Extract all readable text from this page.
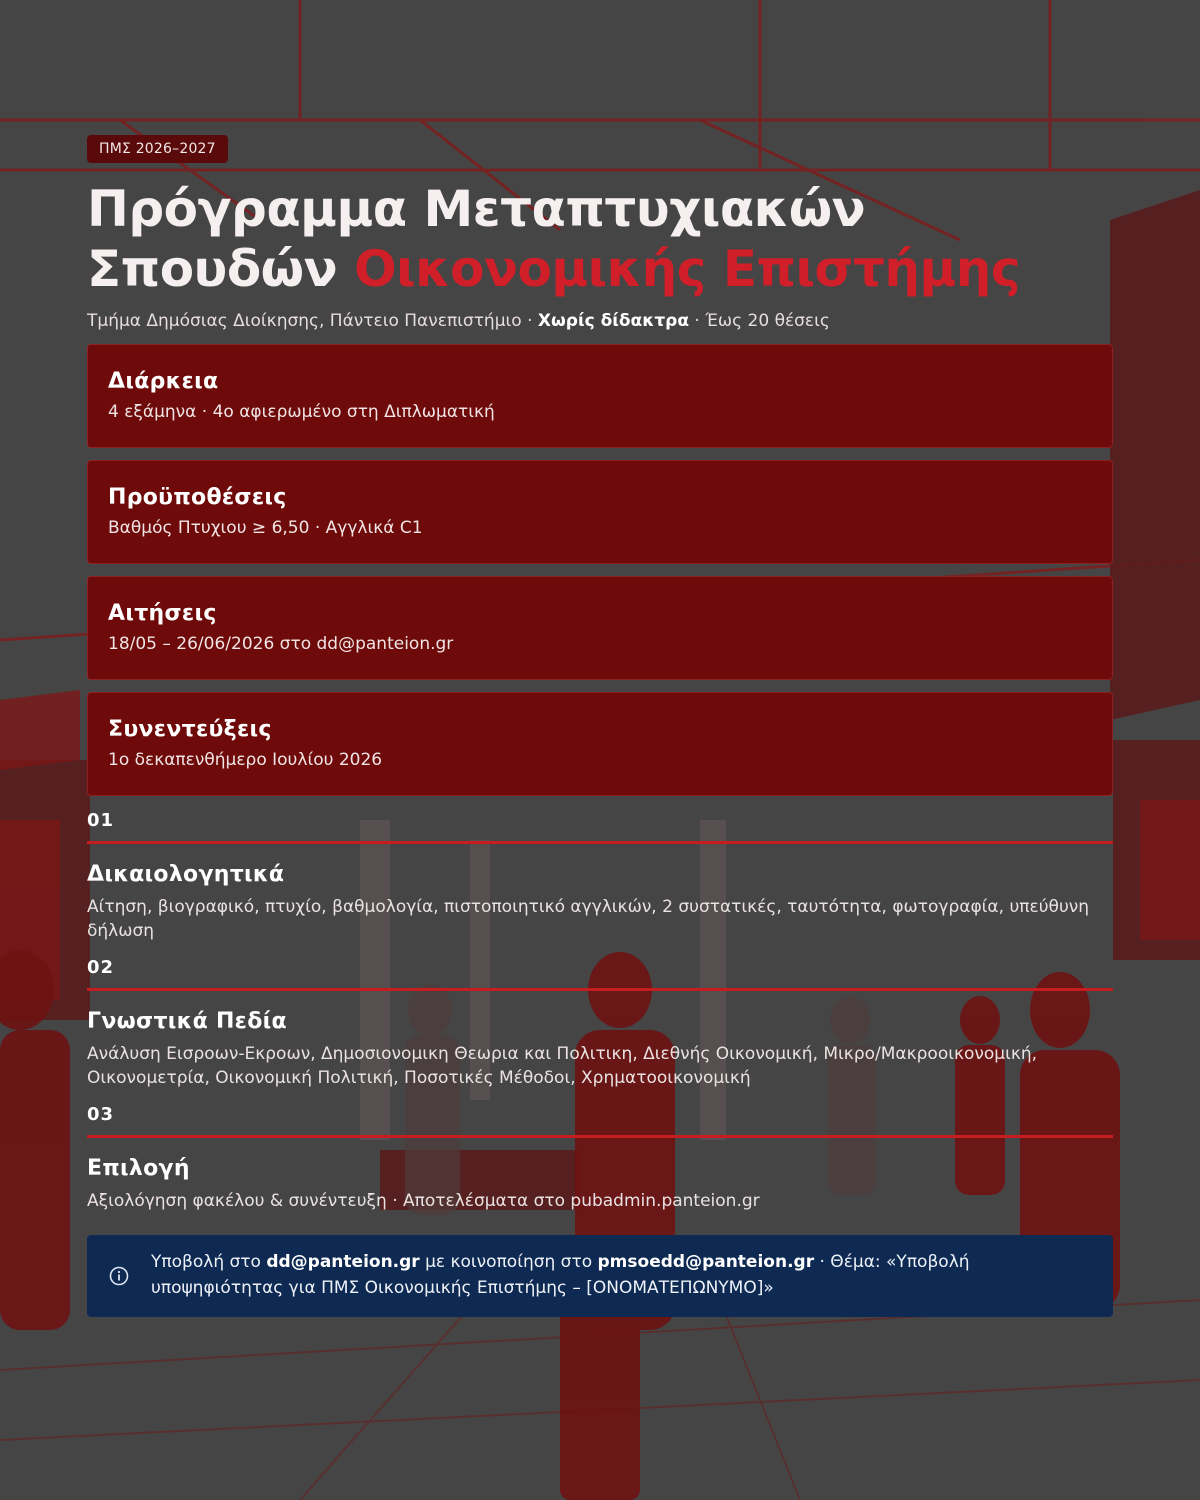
ΠΜΣ 2026–2027
Πρόγραμμα Μεταπτυχιακών
Σπουδών Οικονομικής Επιστήμης
Τμήμα Δημόσιας Διοίκησης, Πάντειο Πανεπιστήμιο · Χωρίς δίδακτρα · Έως 20 θέσεις
Διάρκεια
4 εξάμηνα · 4ο αφιερωμένο στη Διπλωματική
Προϋποθέσεις
Βαθμός Πτυχιου ≥ 6,50 · Αγγλικά C1
Αιτήσεις
18/05 – 26/06/2026 στο dd@panteion.gr
Συνεντεύξεις
1ο δεκαπενθήμερο Ιουλίου 2026
01
Δικαιολογητικά
Αίτηση, βιογραφικό, πτυχίο, βαθμολογία, πιστοποιητικό αγγλικών, 2 συστατικές, ταυτότητα, φωτογραφία, υπεύθυνη δήλωση
02
Γνωστικά Πεδία
Ανάλυση Εισροων-Εκροων, Δημοσιονομικη Θεωρια και Πολιτικη, Διεθνής Οικονομική, Μικρο/Μακροοικονομική, Οικονομετρία, Οικονομική Πολιτική, Ποσοτικές Μέθοδοι, Χρηματοοικονομική
03
Επιλογή
Αξιολόγηση φακέλου & συνέντευξη · Αποτελέσματα στο pubadmin.panteion.gr
Υποβολή στο dd@panteion.gr με κοινοποίηση στο pmsoedd@panteion.gr · Θέμα: «Υποβολή υποψηφιότητας για ΠΜΣ Οικονομικής Επιστήμης – [ΟΝΟΜΑΤΕΠΩΝΥΜΟ]»
